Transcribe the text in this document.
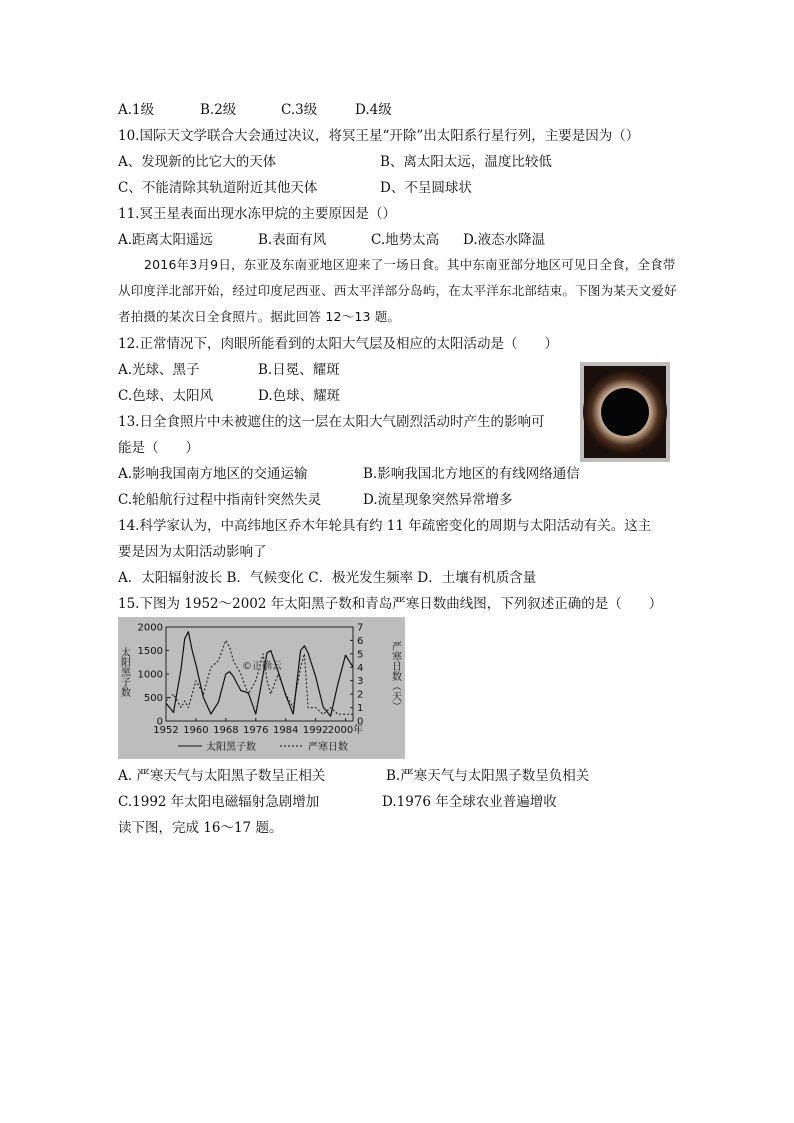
A.1级	B.2级	C.3级	D.4级
10.国际天文学联合大会通过决议，将冥王星“开除”出太阳系行星行列，主要是因为（）
A、发现新的比它大的天体	B、离太阳太远，温度比较低
C、不能清除其轨道附近其他天体	D、不呈圆球状
11.冥王星表面出现水冻甲烷的主要原因是（）
A.距离太阳遥远	B.表面有风	C.地势太高 D.液态水降温
2016年3月9日，东亚及东南亚地区迎来了一场日食。其中东南亚部分地区可见日全食，全食带从印度洋北部开始，经过印度尼西亚、西太平洋部分岛屿，在太平洋东北部结束。下图为某天文爱好者拍摄的某次日全食照片。据此回答 12～13 题。
12.正常情况下，肉眼所能看到的太阳大气层及相应的太阳活动是（　　）
A.光球、黑子	B.日冕、耀斑
C.色球、太阳风	D.色球、耀斑
13.日全食照片中未被遮住的这一层在太阳大气剧烈活动时产生的影响可
能是（　　）
A.影响我国南方地区的交通运输	B.影响我国北方地区的有线网络通信
C.轮船航行过程中指南针突然失灵	D.流星现象突然异常增多
14.科学家认为，中高纬地区乔木年轮具有约 11 年疏密变化的周期与太阳活动有关。这主
要是因为太阳活动影响了
A．太阳辐射波长 B．气候变化 C．极光发生频率 D．土壤有机质含量
15.下图为 1952～2002 年太阳黑子数和青岛严寒日数曲线图，下列叙述正确的是（　　）
0
500
1000
1500
2000
0
1
2
3
4
5
6
7
1952 1960 1968 1976 1984 1992 2000年
©正确云
太阳黑子数	严寒日数（天）
太阳黑子数	严寒日数
A. 严寒天气与太阳黑子数呈正相关	B.严寒天气与太阳黑子数呈负相关
C.1992 年太阳电磁辐射急剧增加	D.1976 年全球农业普遍增收
读下图，完成 16～17 题。
